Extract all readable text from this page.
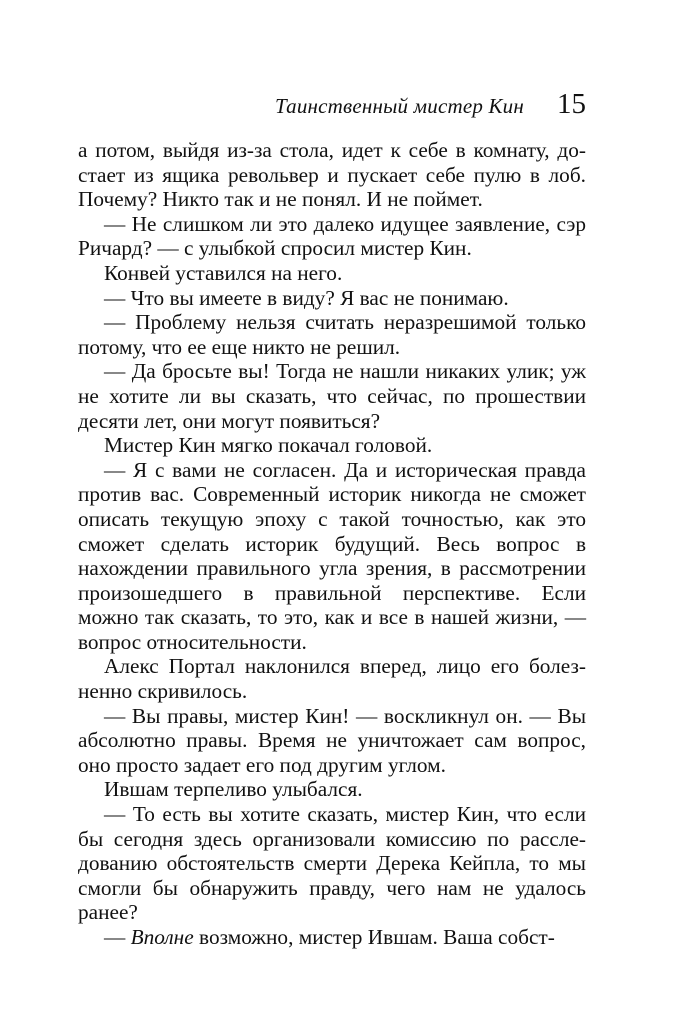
Таинственный мистер Кин 15

а потом, выйдя из-за стола, идет к себе в комнату, достает из ящика револьвер и пускает себе пулю в лоб. Почему? Никто так и не понял. И не поймет.

— Не слишком ли это далеко идущее заявление, сэр Ричард? — с улыбкой спросил мистер Кин.

Конвей уставился на него.

— Что вы имеете в виду? Я вас не понимаю.

— Проблему нельзя считать неразрешимой только потому, что ее еще никто не решил.

— Да бросьте вы! Тогда не нашли никаких улик; уж не хотите ли вы сказать, что сейчас, по прошествии десяти лет, они могут появиться?

Мистер Кин мягко покачал головой.

— Я с вами не согласен. Да и историческая правда против вас. Современный историк никогда не сможет описать текущую эпоху с такой точностью, как это сможет сделать историк будущий. Весь вопрос в нахождении правильного угла зрения, в рассмотрении произошедшего в правильной перспективе. Если можно так сказать, то это, как и все в нашей жизни, — вопрос относительности.

Алекс Портал наклонился вперед, лицо его болезненно скривилось.

— Вы правы, мистер Кин! — воскликнул он. — Вы абсолютно правы. Время не уничтожает сам вопрос, оно просто задает его под другим углом.

Ившам терпеливо улыбался.

— То есть вы хотите сказать, мистер Кин, что если бы сегодня здесь организовали комиссию по расследованию обстоятельств смерти Дерека Кейпла, то мы смогли бы обнаружить правду, чего нам не удалось ранее?

— Вполне возможно, мистер Ившам. Ваша собст-
